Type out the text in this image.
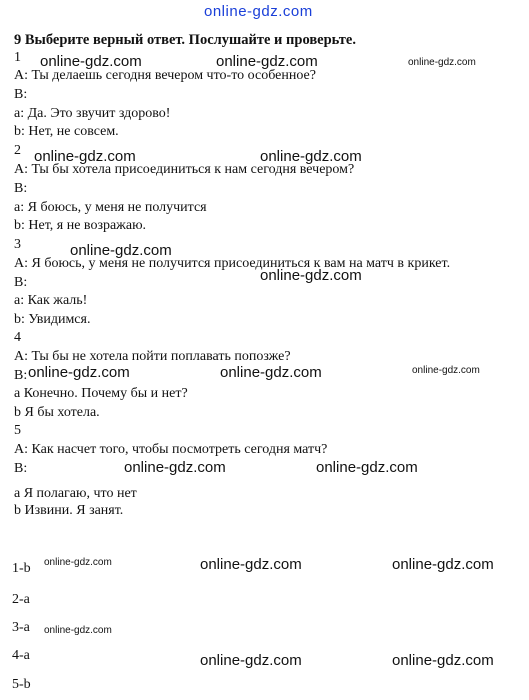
online-gdz.com
9 Выберите верный ответ. Послушайте и проверьте.
1
A: Ты делаешь сегодня вечером что-то особенное?
B:
a: Да. Это звучит здорово!
b: Нет, не совсем.
2
A: Ты бы хотела присоединиться к нам сегодня вечером?
B:
a: Я боюсь, у меня не получится
b: Нет, я не возражаю.
3
A: Я боюсь, у меня не получится присоединиться к вам на матч в крикет.
B:
a: Как жаль!
b: Увидимся.
4
A: Ты бы не хотела пойти поплавать попозже?
B:
a Конечно. Почему бы и нет?
b Я бы хотела.
5
A: Как насчет того, чтобы посмотреть сегодня матч?
B:
a Я полагаю, что нет
b Извини. Я занят.
1-b
2-a
3-a
4-a
5-b
online-gdz.com	online-gdz.com	online-gdz.com
online-gdz.com	online-gdz.com
online-gdz.com
online-gdz.com
online-gdz.com	online-gdz.com	online-gdz.com
online-gdz.com	online-gdz.com
online-gdz.com	online-gdz.com	online-gdz.com
online-gdz.com
online-gdz.com	online-gdz.com
